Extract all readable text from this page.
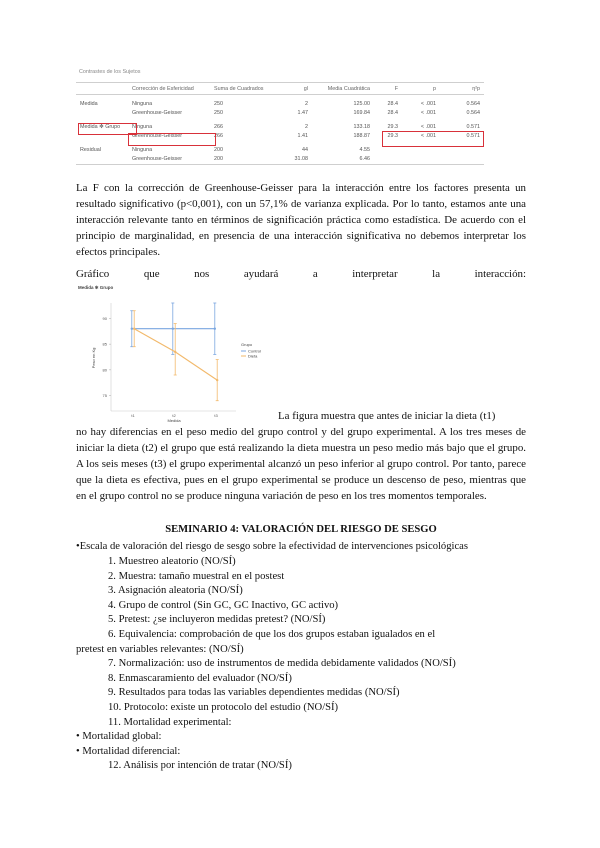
Contrastes de los Sujetos
	Corrección de Esfericidad	Suma de Cuadrados	gl	Media Cuadrática	F	p	η²p
Medida	Ninguna	250	2	125.00	28.4	< .001	0.564
	Greenhouse-Geisser	250	1.47	169.84	28.4	< .001	0.564
Medida ✻ Grupo	Ninguna	266	2	133.18	29.3	< .001	0.571
	Greenhouse-Geisser	266	1.41	188.87	29.3	< .001	0.571
Residual	Ninguna	200	44	4.55			
	Greenhouse-Geisser	200	31.08	6.46			

La F con la corrección de Greenhouse-Geisser para la interacción entre los factores presenta un resultado significativo (p<0,001), con un 57,1% de varianza explicada. Por lo tanto, estamos ante una interacción relevante tanto en términos de significación práctica como estadística. De acuerdo con el principio de marginalidad, en presencia de una interacción significativa no debemos interpretar los efectos principales.

Gráfico que nos ayudará a interpretar la interacción:

Medida ✻ Grupo
Peso en Kg
Medida
75
80
85
90
t1	t2	t3
Grupo
Control
Dieta
La figura muestra que antes de iniciar la dieta (t1)

no hay diferencias en el peso medio del grupo control y del grupo experimental. A los tres meses de iniciar la dieta (t2) el grupo que está realizando la dieta muestra un peso medio más bajo que el grupo. A los seis meses (t3) el grupo experimental alcanzó un peso inferior al grupo control. Por tanto, parece que la dieta es efectiva, pues en el grupo experimental se produce un descenso de peso, mientras que en el grupo control no se produce ninguna variación de peso en los tres momentos temporales.

SEMINARIO 4: VALORACIÓN DEL RIESGO DE SESGO
•Escala de valoración del riesgo de sesgo sobre la efectividad de intervenciones psicológicas
1. Muestreo aleatorio (NO/SÍ)
2. Muestra: tamaño muestral en el postest
3. Asignación aleatoria (NO/SÍ)
4. Grupo de control (Sin GC, GC Inactivo, GC activo)
5. Pretest: ¿se incluyeron medidas pretest? (NO/SÍ)
6. Equivalencia: comprobación de que los dos grupos estaban igualados en el
pretest en variables relevantes: (NO/SÍ)
7. Normalización: uso de instrumentos de medida debidamente validados (NO/SÍ)
8. Enmascaramiento del evaluador (NO/SÍ)
9. Resultados para todas las variables dependientes medidas (NO/SÍ)
10. Protocolo: existe un protocolo del estudio (NO/SÍ)
11. Mortalidad experimental:
• Mortalidad global:
• Mortalidad diferencial:
12. Análisis por intención de tratar (NO/SÍ)
